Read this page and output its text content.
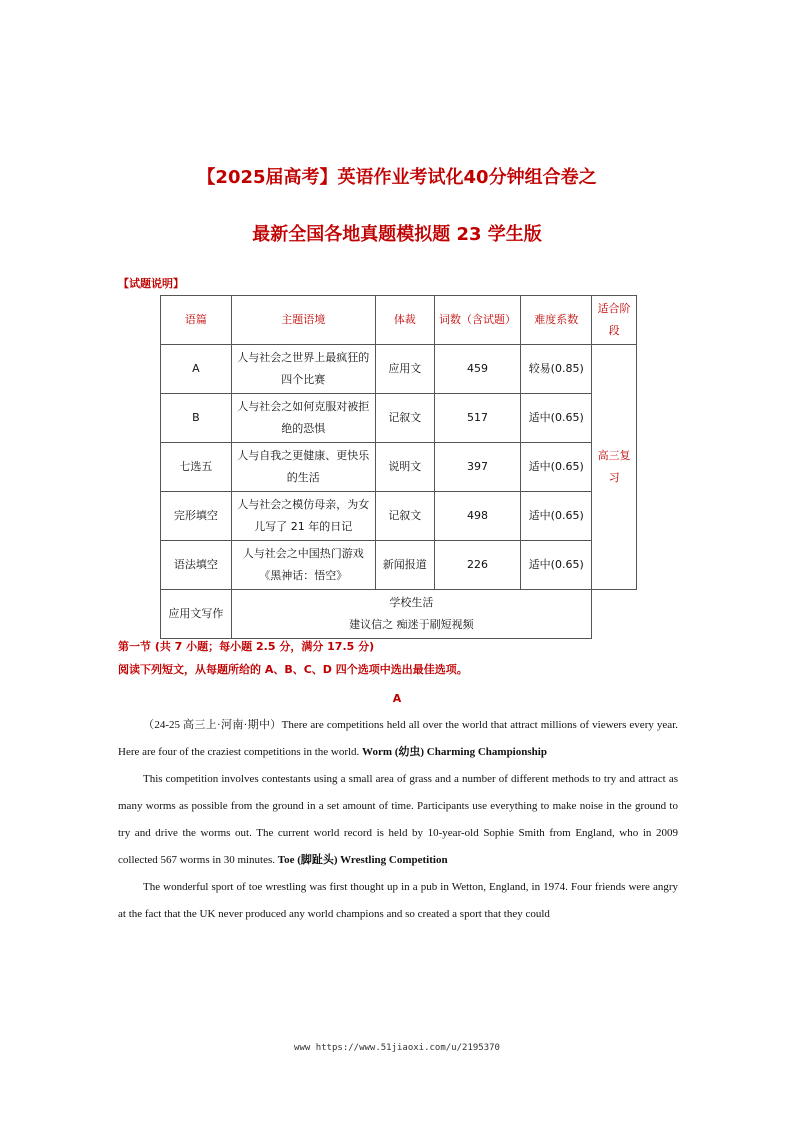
【2025届高考】英语作业考试化40分钟组合卷之
最新全国各地真题模拟题 23 学生版
【试题说明】
语篇	主题语境	体裁	词数（含试题）	难度系数	适合阶段
A	人与社会之世界上最疯狂的四个比赛	应用文	459	较易(0.85)	高三复习
B	人与社会之如何克服对被拒绝的恐惧	记叙文	517	适中(0.65)	
七选五	人与自我之更健康、更快乐的生活	说明文	397	适中(0.65)	
完形填空	人与社会之模仿母亲，为女儿写了 21 年的日记	记叙文	498	适中(0.65)	
语法填空	人与社会之中国热门游戏《黑神话：悟空》	新闻报道	226	适中(0.65)	
应用文写作	学校生活
建议信之 痴迷于刷短视频				
第一节 (共 7 小题；每小题 2.5 分，满分 17.5 分)
阅读下列短文，从每题所给的 A、B、C、D 四个选项中选出最佳选项。
A

（24-25 高三上·河南·期中）There are competitions held all over the world that attract millions of viewers every year. Here are four of the craziest competitions in the world. Worm (幼虫) Charming Championship

This competition involves contestants using a small area of grass and a number of different methods to try and attract as many worms as possible from the ground in a set amount of time. Participants use everything to make noise in the ground to try and drive the worms out. The current world record is held by 10-year-old Sophie Smith from England, who in 2009 collected 567 worms in 30 minutes. Toe (脚趾头) Wrestling Competition

The wonderful sport of toe wrestling was first thought up in a pub in Wetton, England, in 1974. Four friends were angry at the fact that the UK never produced any world champions and so created a sport that they could

www https://www.51jiaoxi.com/u/2195370
